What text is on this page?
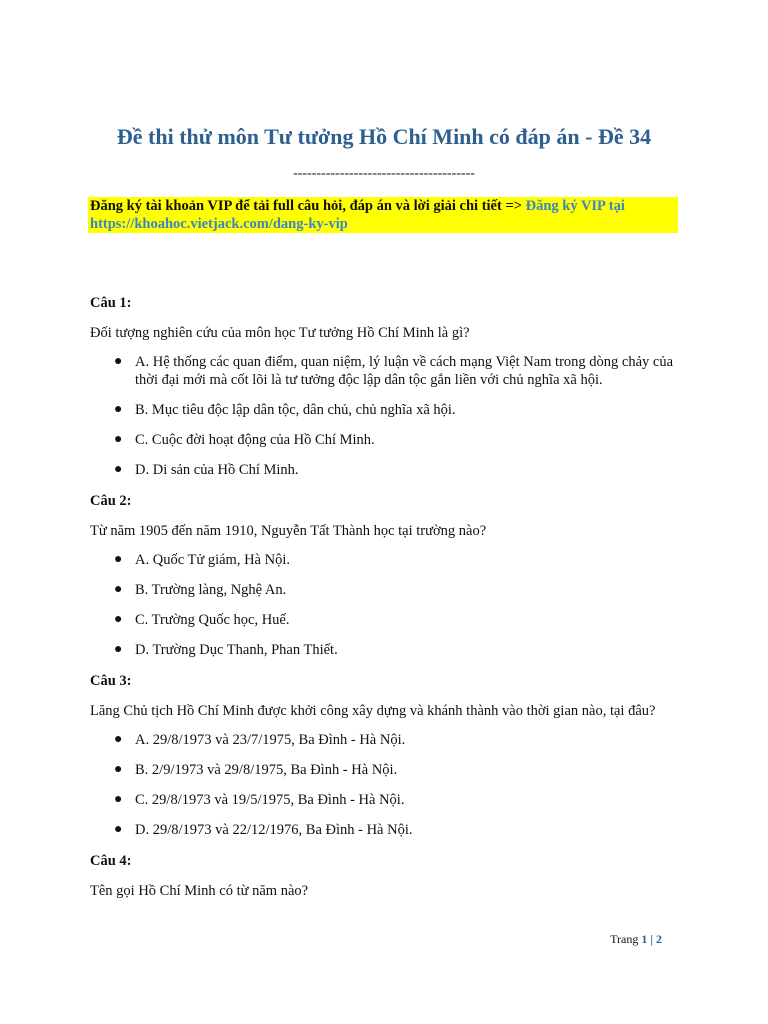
Đề thi thử môn Tư tưởng Hồ Chí Minh có đáp án - Đề 34
---------------------------------------
Đăng ký tài khoản VIP để tải full câu hỏi, đáp án và lời giải chi tiết => Đăng ký VIP tại https://khoahoc.vietjack.com/dang-ky-vip

Câu 1:

Đối tượng nghiên cứu của môn học Tư tưởng Hồ Chí Minh là gì?

● A. Hệ thống các quan điểm, quan niệm, lý luận về cách mạng Việt Nam trong dòng chảy của thời đại mới mà cốt lõi là tư tưởng độc lập dân tộc gắn liền với chủ nghĩa xã hội.
● B. Mục tiêu độc lập dân tộc, dân chủ, chủ nghĩa xã hội.
● C. Cuộc đời hoạt động của Hồ Chí Minh.
● D. Di sản của Hồ Chí Minh.

Câu 2:

Từ năm 1905 đến năm 1910, Nguyễn Tất Thành học tại trường nào?

● A. Quốc Tử giám, Hà Nội.
● B. Trường làng, Nghệ An.
● C. Trường Quốc học, Huế.
● D. Trường Dục Thanh, Phan Thiết.

Câu 3:

Lăng Chủ tịch Hồ Chí Minh được khởi công xây dựng và khánh thành vào thời gian nào, tại đâu?

● A. 29/8/1973 và 23/7/1975, Ba Đình - Hà Nội.
● B. 2/9/1973 và 29/8/1975, Ba Đình - Hà Nội.
● C. 29/8/1973 và 19/5/1975, Ba Đình - Hà Nội.
● D. 29/8/1973 và 22/12/1976, Ba Đình - Hà Nội.

Câu 4:

Tên gọi Hồ Chí Minh có từ năm nào?

Trang 1 | 2
